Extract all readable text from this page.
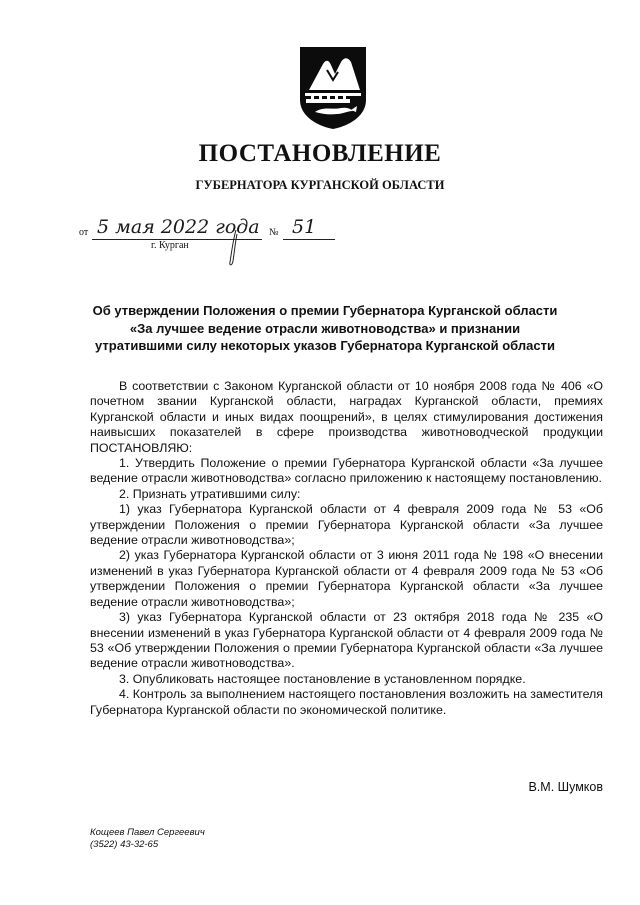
ПОСТАНОВЛЕНИЕ
ГУБЕРНАТОРА КУРГАНСКОЙ ОБЛАСТИ
от 5 мая 2022 года № 51
г. Курган
Об утверждении Положения о премии Губернатора Курганской области
«За лучшее ведение отрасли животноводства» и признании
утратившими силу некоторых указов Губернатора Курганской области

В соответствии с Законом Курганской области от 10 ноября 2008 года № 406 «О почетном звании Курганской области, наградах Курганской области, премиях Курганской области и иных видах поощрений», в целях стимулирования достижения наивысших показателей в сфере производства животноводческой продукции ПОСТАНОВЛЯЮ:

1. Утвердить Положение о премии Губернатора Курганской области «За лучшее ведение отрасли животноводства» согласно приложению к настоящему постановлению.

2. Признать утратившими силу:

1) указ Губернатора Курганской области от 4 февраля 2009 года № 53 «Об утверждении Положения о премии Губернатора Курганской области «За лучшее ведение отрасли животноводства»;

2) указ Губернатора Курганской области от 3 июня 2011 года № 198 «О внесении изменений в указ Губернатора Курганской области от 4 февраля 2009 года № 53 «Об утверждении Положения о премии Губернатора Курганской области «За лучшее ведение отрасли животноводства»;

3) указ Губернатора Курганской области от 23 октября 2018 года № 235 «О внесении изменений в указ Губернатора Курганской области от 4 февраля 2009 года № 53 «Об утверждении Положения о премии Губернатора Курганской области «За лучшее ведение отрасли животноводства».

3. Опубликовать настоящее постановление в установленном порядке.

4. Контроль за выполнением настоящего постановления возложить на заместителя Губернатора Курганской области по экономической политике.

В.М. Шумков
Кощеев Павел Сергеевич
(3522) 43-32-65
